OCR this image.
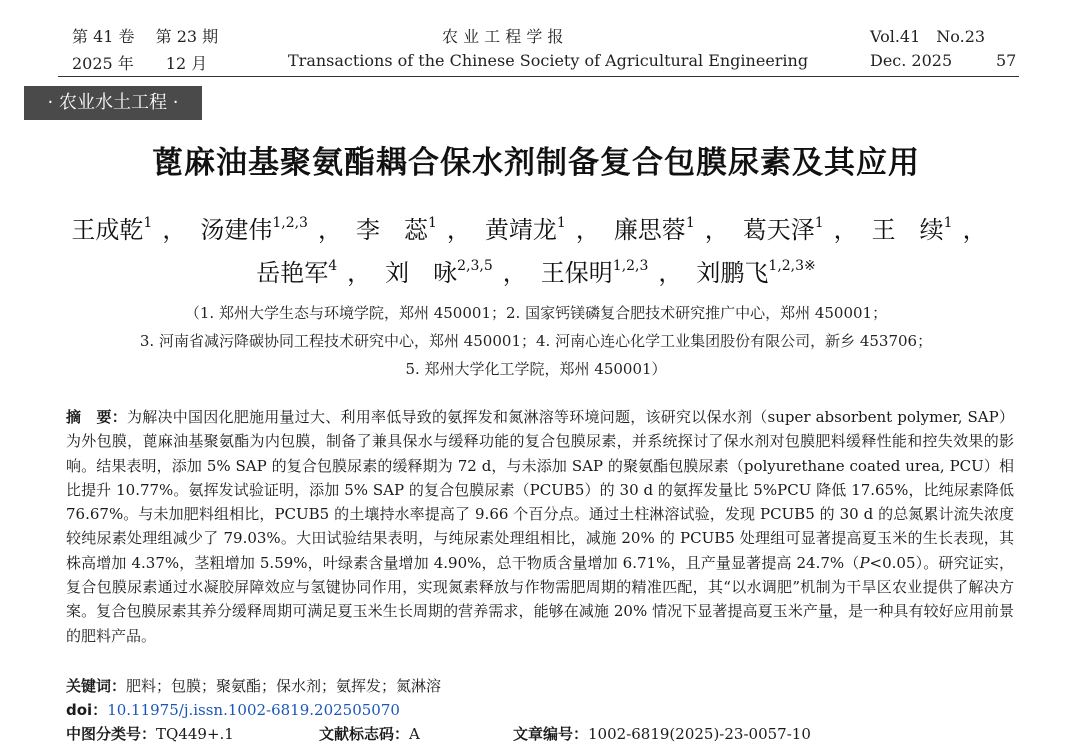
第 41 卷　 第 23 期
2025 年　　12 月
农 业 工 程 学 报
Transactions of the Chinese Society of Agricultural Engineering
Vol.41　No.23
Dec. 2025	57
· 农业水土工程 ·
蓖麻油基聚氨酯耦合保水剂制备复合包膜尿素及其应用
王成乾$^1$ ， 汤建伟$^{1,2,3}$ ， 李　蕊$^1$ ， 黄靖龙$^1$ ， 廉思蓉$^1$ ， 葛天泽$^1$ ， 王　续$^1$ ，
岳艳军$^4$ ， 刘　咏$^{2,3,5}$ ， 王保明$^{1,2,3}$ ， 刘鹏飞$^{1,2,3※}$
（1. 郑州大学生态与环境学院，郑州 450001；2. 国家钙镁磷复合肥技术研究推广中心，郑州 450001；
3. 河南省减污降碳协同工程技术研究中心，郑州 450001；4. 河南心连心化学工业集团股份有限公司，新乡 453706；
5. 郑州大学化工学院，郑州 450001）
摘　要：为解决中国因化肥施用量过大、利用率低导致的氨挥发和氮淋溶等环境问题，该研究以保水剂（super absorbent polymer, SAP）为外包膜，蓖麻油基聚氨酯为内包膜，制备了兼具保水与缓释功能的复合包膜尿素，并系统探讨了保水剂对包膜肥料缓释性能和控失效果的影响。结果表明，添加 5% SAP 的复合包膜尿素的缓释期为 72 d，与未添加 SAP 的聚氨酯包膜尿素（polyurethane coated urea, PCU）相比提升 10.77%。氨挥发试验证明，添加 5% SAP 的复合包膜尿素（PCUB5）的 30 d 的氨挥发量比 5%PCU 降低 17.65%，比纯尿素降低 76.67%。与未加肥料组相比，PCUB5 的土壤持水率提高了 9.66 个百分点。通过土柱淋溶试验，发现 PCUB5 的 30 d 的总氮累计流失浓度较纯尿素处理组减少了 79.03%。大田试验结果表明，与纯尿素处理组相比，减施 20% 的 PCUB5 处理组可显著提高夏玉米的生长表现，其株高增加 4.37%，茎粗增加 5.59%，叶绿素含量增加 4.90%，总干物质含量增加 6.71%，且产量显著提高 24.7%（P<0.05）。研究证实，复合包膜尿素通过水凝胶屏障效应与氢键协同作用，实现氮素释放与作物需肥周期的精准匹配，其“以水调肥”机制为干旱区农业提供了解决方案。复合包膜尿素其养分缓释周期可满足夏玉米生长周期的营养需求，能够在减施 20% 情况下显著提高夏玉米产量，是一种具有较好应用前景的肥料产品。
关键词：肥料；包膜；聚氨酯；保水剂；氨挥发；氮淋溶
doi：10.11975/j.issn.1002-6819.202505070
中图分类号：TQ449+.1	文献标志码：A	文章编号：1002-6819(2025)-23-0057-10
